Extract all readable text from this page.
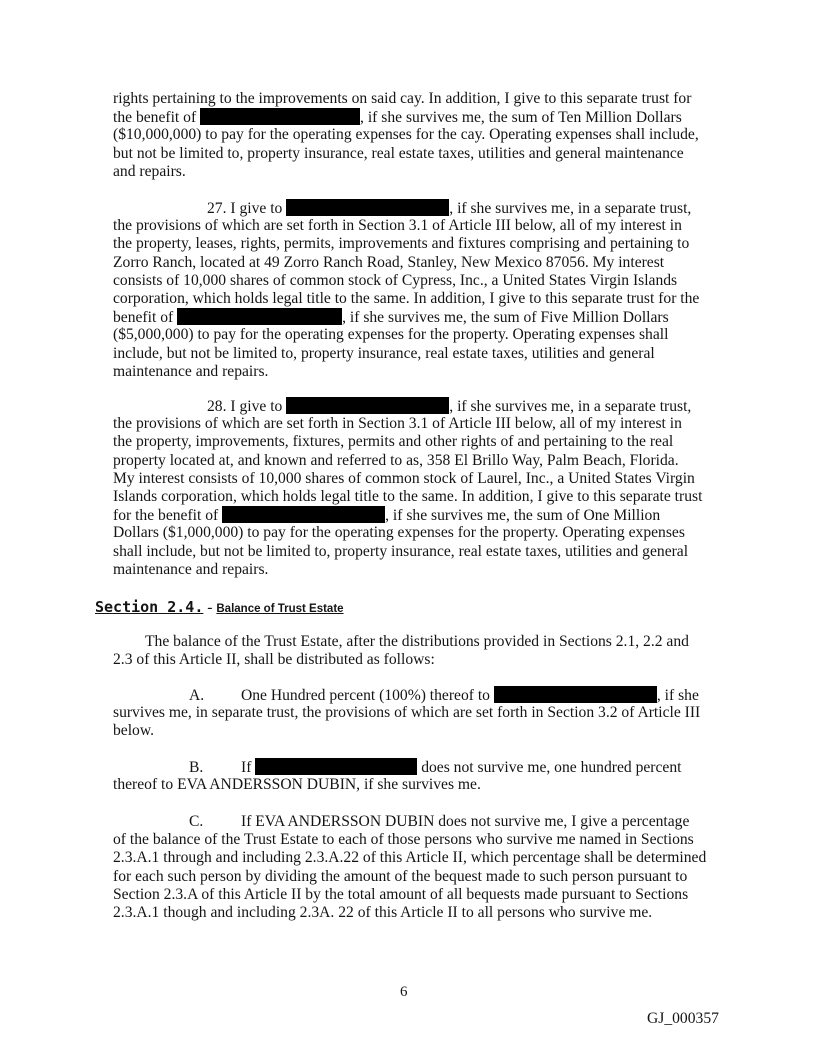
rights pertaining to the improvements on said cay. In addition, I give to this separate trust for
the benefit of	, if she survives me, the sum of Ten Million Dollars
($10,000,000) to pay for the operating expenses for the cay. Operating expenses shall include,
but not be limited to, property insurance, real estate taxes, utilities and general maintenance
and repairs.
27. I give to	, if she survives me, in a separate trust,
the provisions of which are set forth in Section 3.1 of Article III below, all of my interest in
the property, leases, rights, permits, improvements and fixtures comprising and pertaining to
Zorro Ranch, located at 49 Zorro Ranch Road, Stanley, New Mexico 87056. My interest
consists of 10,000 shares of common stock of Cypress, Inc., a United States Virgin Islands
corporation, which holds legal title to the same. In addition, I give to this separate trust for the
benefit of	, if she survives me, the sum of Five Million Dollars
($5,000,000) to pay for the operating expenses for the property. Operating expenses shall
include, but not be limited to, property insurance, real estate taxes, utilities and general
maintenance and repairs.
28. I give to	, if she survives me, in a separate trust,
the provisions of which are set forth in Section 3.1 of Article III below, all of my interest in
the property, improvements, fixtures, permits and other rights of and pertaining to the real
property located at, and known and referred to as, 358 El Brillo Way, Palm Beach, Florida.
My interest consists of 10,000 shares of common stock of Laurel, Inc., a United States Virgin
Islands corporation, which holds legal title to the same. In addition, I give to this separate trust
for the benefit of	, if she survives me, the sum of One Million
Dollars ($1,000,000) to pay for the operating expenses for the property. Operating expenses
shall include, but not be limited to, property insurance, real estate taxes, utilities and general
maintenance and repairs.
Section 2.4. - Balance of Trust Estate
The balance of the Trust Estate, after the distributions provided in Sections 2.1, 2.2 and
2.3 of this Article II, shall be distributed as follows:
A. One Hundred percent (100%) thereof to	, if she
survives me, in separate trust, the provisions of which are set forth in Section 3.2 of Article III
below.
B. If	does not survive me, one hundred percent
thereof to EVA ANDERSSON DUBIN, if she survives me.
C. If EVA ANDERSSON DUBIN does not survive me, I give a percentage
of the balance of the Trust Estate to each of those persons who survive me named in Sections
2.3.A.1 through and including 2.3.A.22 of this Article II, which percentage shall be determined
for each such person by dividing the amount of the bequest made to such person pursuant to
Section 2.3.A of this Article II by the total amount of all bequests made pursuant to Sections
2.3.A.1 though and including 2.3A. 22 of this Article II to all persons who survive me.
6
GJ_000357
